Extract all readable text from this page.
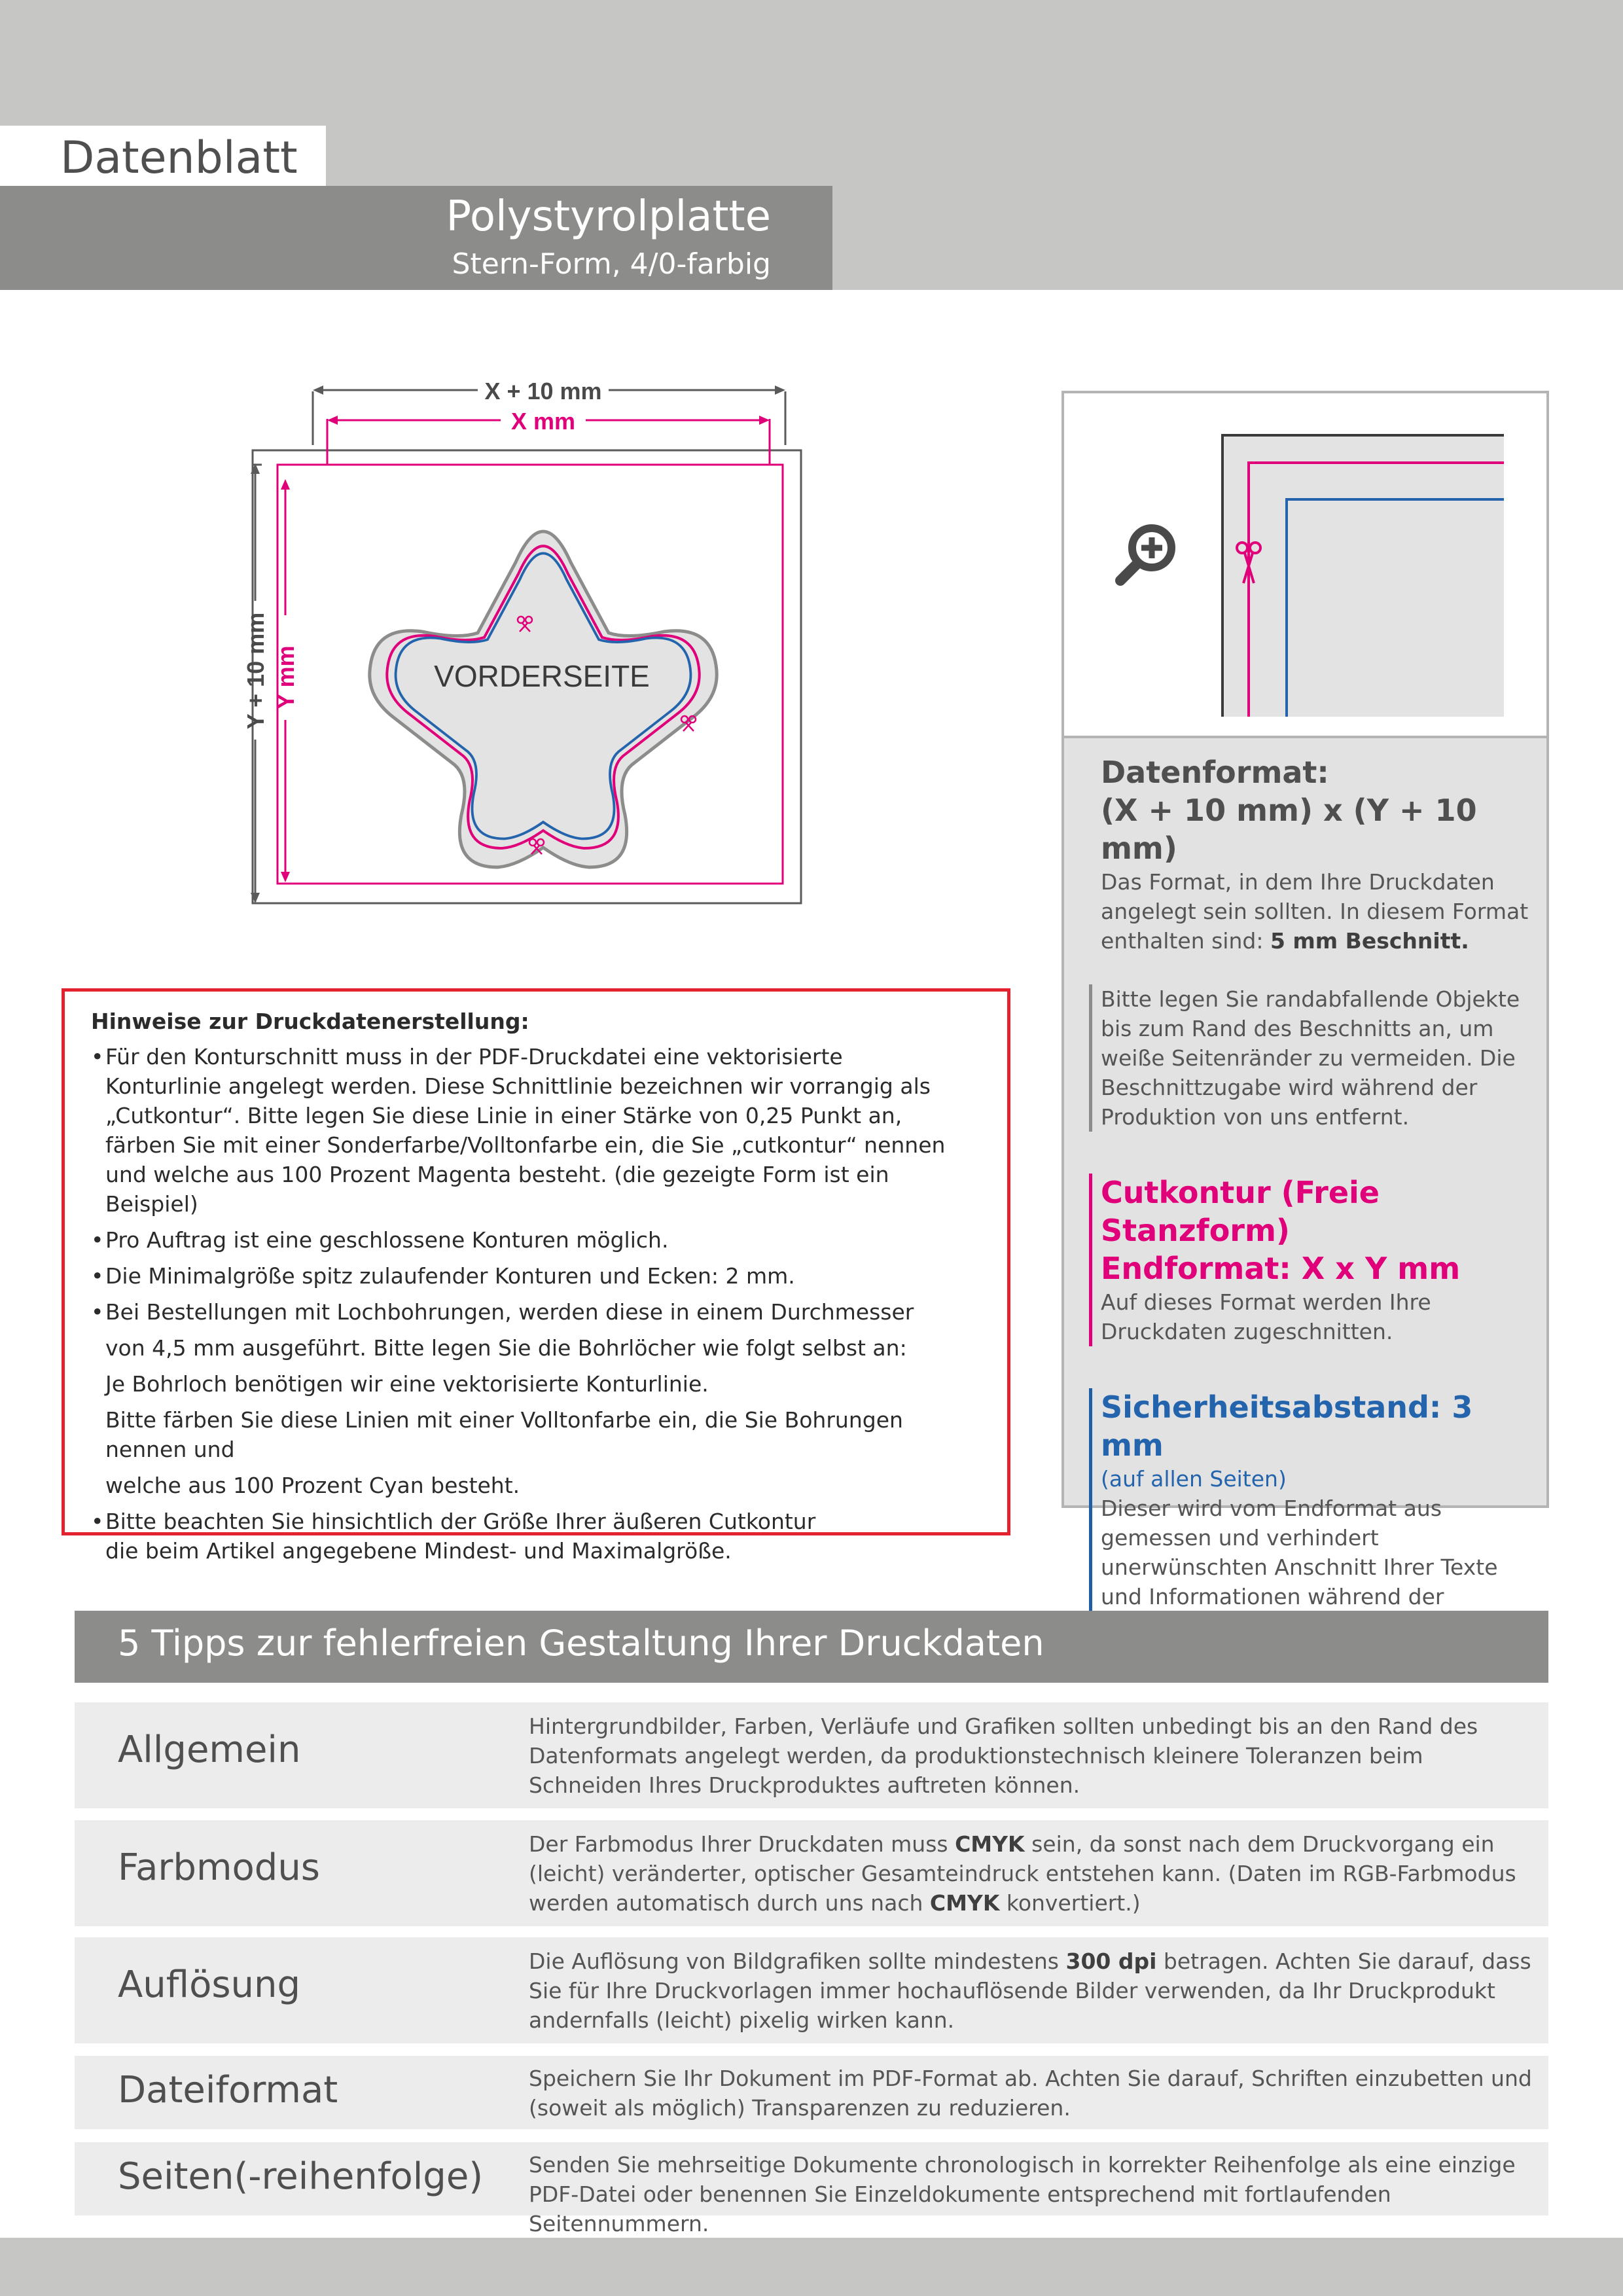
Datenblatt
Polystyrolplatte
Stern-Form, 4/0-farbig
X + 10 mm
X mm
Y + 10 mm Y mm	VORDERSEITE
Datenformat:
(X + 10 mm) x (Y + 10 mm)
Das Format, in dem Ihre Druckdaten angelegt sein sollten. In diesem Format enthalten sind: 5 mm Beschnitt.
Bitte legen Sie randabfallende Objekte bis zum Rand des Beschnitts an, um weiße Seitenränder zu vermeiden. Die Beschnittzugabe wird während der Produktion von uns entfernt.
Cutkontur (Freie Stanzform)
Endformat: X x Y mm
Auf dieses Format werden Ihre Druckdaten zugeschnitten.
Sicherheitsabstand: 3 mm
(auf allen Seiten)
Dieser wird vom Endformat aus gemessen und verhindert unerwünschten Anschnitt Ihrer Texte und Informationen während der
Hinweise zur Druckdatenerstellung:
• Für den Konturschnitt muss in der PDF-Druckdatei eine vektorisierte
Konturlinie angelegt werden. Diese Schnittlinie bezeichnen wir vorrangig als
„Cutkontur“. Bitte legen Sie diese Linie in einer Stärke von 0,25 Punkt an,
färben Sie mit einer Sonderfarbe/Volltonfarbe ein, die Sie „cutkontur“ nennen
und welche aus 100 Prozent Magenta besteht. (die gezeigte Form ist ein Beispiel)
• Pro Auftrag ist eine geschlossene Konturen möglich.
• Die Minimalgröße spitz zulaufender Konturen und Ecken: 2 mm.
• Bei Bestellungen mit Lochbohrungen, werden diese in einem Durchmesser
von 4,5 mm ausgeführt. Bitte legen Sie die Bohrlöcher wie folgt selbst an:
Je Bohrloch benötigen wir eine vektorisierte Konturlinie.
Bitte färben Sie diese Linien mit einer Volltonfarbe ein, die Sie Bohrungen nennen und
welche aus 100 Prozent Cyan besteht.
• Bitte beachten Sie hinsichtlich der Größe Ihrer äußeren Cutkontur
die beim Artikel angegebene Mindest- und Maximalgröße.
5 Tipps zur fehlerfreien Gestaltung Ihrer Druckdaten
Allgemein
Hintergrundbilder, Farben, Verläufe und Grafiken sollten unbedingt bis an den Rand des Datenformats angelegt werden, da produktionstechnisch kleinere Toleranzen beim Schneiden Ihres Druckproduktes auftreten können.
Farbmodus
Der Farbmodus Ihrer Druckdaten muss CMYK sein, da sonst nach dem Druckvorgang ein (leicht) veränderter, optischer Gesamteindruck entstehen kann. (Daten im RGB-Farbmodus werden automatisch durch uns nach CMYK konvertiert.)
Auflösung
Die Auflösung von Bildgrafiken sollte mindestens 300 dpi betragen. Achten Sie darauf, dass Sie für Ihre Druckvorlagen immer hochauflösende Bilder verwenden, da Ihr Druckprodukt andernfalls (leicht) pixelig wirken kann.
Dateiformat	Speichern Sie Ihr Dokument im PDF-Format ab. Achten Sie darauf, Schriften einzubetten und (soweit als möglich) Transparenzen zu reduzieren.
Seiten(-reihenfolge) Senden Sie mehrseitige Dokumente chronologisch in korrekter Reihenfolge als eine einzige PDF-Datei oder benennen Sie Einzeldokumente entsprechend mit fortlaufenden Seitennummern.
